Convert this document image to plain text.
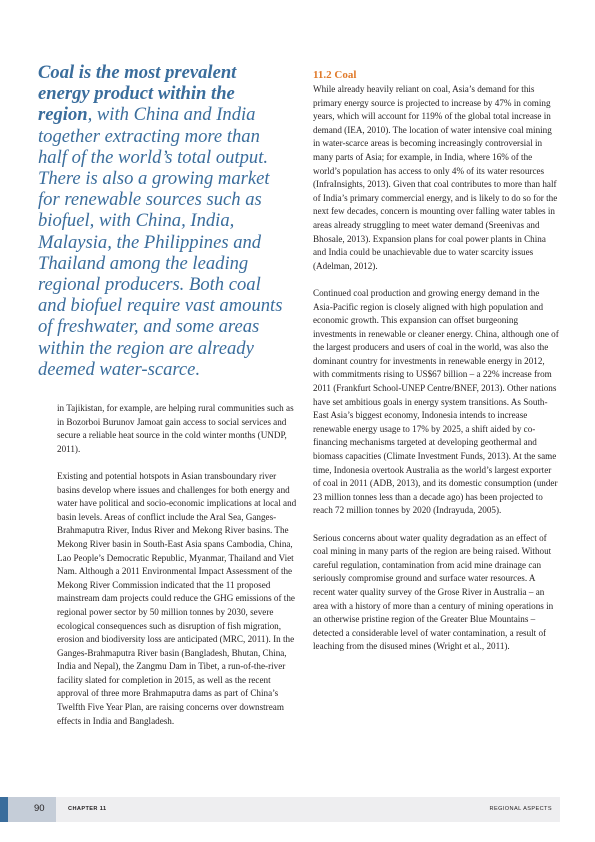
Coal is the most prevalent energy product within the region, with China and India together extracting more than half of the world’s total output. There is also a growing market for renewable sources such as biofuel, with China, India, Malaysia, the Philippines and Thailand among the leading regional producers. Both coal and biofuel require vast amounts of freshwater, and some areas within the region are already deemed water-scarce.

in Tajikistan, for example, are helping rural communities such as in Bozorboi Burunov Jamoat gain access to social services and secure a reliable heat source in the cold winter months (UNDP, 2011).

Existing and potential hotspots in Asian transboundary river basins develop where issues and challenges for both energy and water have political and socio-economic implications at local and basin levels. Areas of conflict include the Aral Sea, Ganges-Brahmaputra River, Indus River and Mekong River basins. The Mekong River basin in South-East Asia spans Cambodia, China, Lao People’s Democratic Republic, Myanmar, Thailand and Viet Nam. Although a 2011 Environmental Impact Assessment of the Mekong River Commission indicated that the 11 proposed mainstream dam projects could reduce the GHG emissions of the regional power sector by 50 million tonnes by 2030, severe ecological consequences such as disruption of fish migration, erosion and biodiversity loss are anticipated (MRC, 2011). In the Ganges-Brahmaputra River basin (Bangladesh, Bhutan, China, India and Nepal), the Zangmu Dam in Tibet, a run-of-the-river facility slated for completion in 2015, as well as the recent approval of three more Brahmaputra dams as part of China’s Twelfth Five Year Plan, are raising concerns over downstream effects in India and Bangladesh.

11.2 Coal

While already heavily reliant on coal, Asia’s demand for this primary energy source is projected to increase by 47% in coming years, which will account for 119% of the global total increase in demand (IEA, 2010). The location of water intensive coal mining in water-scarce areas is becoming increasingly controversial in many parts of Asia; for example, in India, where 16% of the world’s population has access to only 4% of its water resources (InfraInsights, 2013). Given that coal contributes to more than half of India’s primary commercial energy, and is likely to do so for the next few decades, concern is mounting over falling water tables in areas already struggling to meet water demand (Sreenivas and Bhosale, 2013). Expansion plans for coal power plants in China and India could be unachievable due to water scarcity issues (Adelman, 2012).

Continued coal production and growing energy demand in the Asia-Pacific region is closely aligned with high population and economic growth. This expansion can offset burgeoning investments in renewable or cleaner energy. China, although one of the largest producers and users of coal in the world, was also the dominant country for investments in renewable energy in 2012, with commitments rising to US$67 billion – a 22% increase from 2011 (Frankfurt School-UNEP Centre/BNEF, 2013). Other nations have set ambitious goals in energy system transitions. As South-East Asia’s biggest economy, Indonesia intends to increase renewable energy usage to 17% by 2025, a shift aided by co-financing mechanisms targeted at developing geothermal and biomass capacities (Climate Investment Funds, 2013). At the same time, Indonesia overtook Australia as the world’s largest exporter of coal in 2011 (ADB, 2013), and its domestic consumption (under 23 million tonnes less than a decade ago) has been projected to reach 72 million tonnes by 2020 (Indrayuda, 2005).

Serious concerns about water quality degradation as an effect of coal mining in many parts of the region are being raised. Without careful regulation, contamination from acid mine drainage can seriously compromise ground and surface water resources. A recent water quality survey of the Grose River in Australia – an area with a history of more than a century of mining operations in an otherwise pristine region of the Greater Blue Mountains – detected a considerable level of water contamination, a result of leaching from the disused mines (Wright et al., 2011).

90	CHAPTER 11	REGIONAL ASPECTS
